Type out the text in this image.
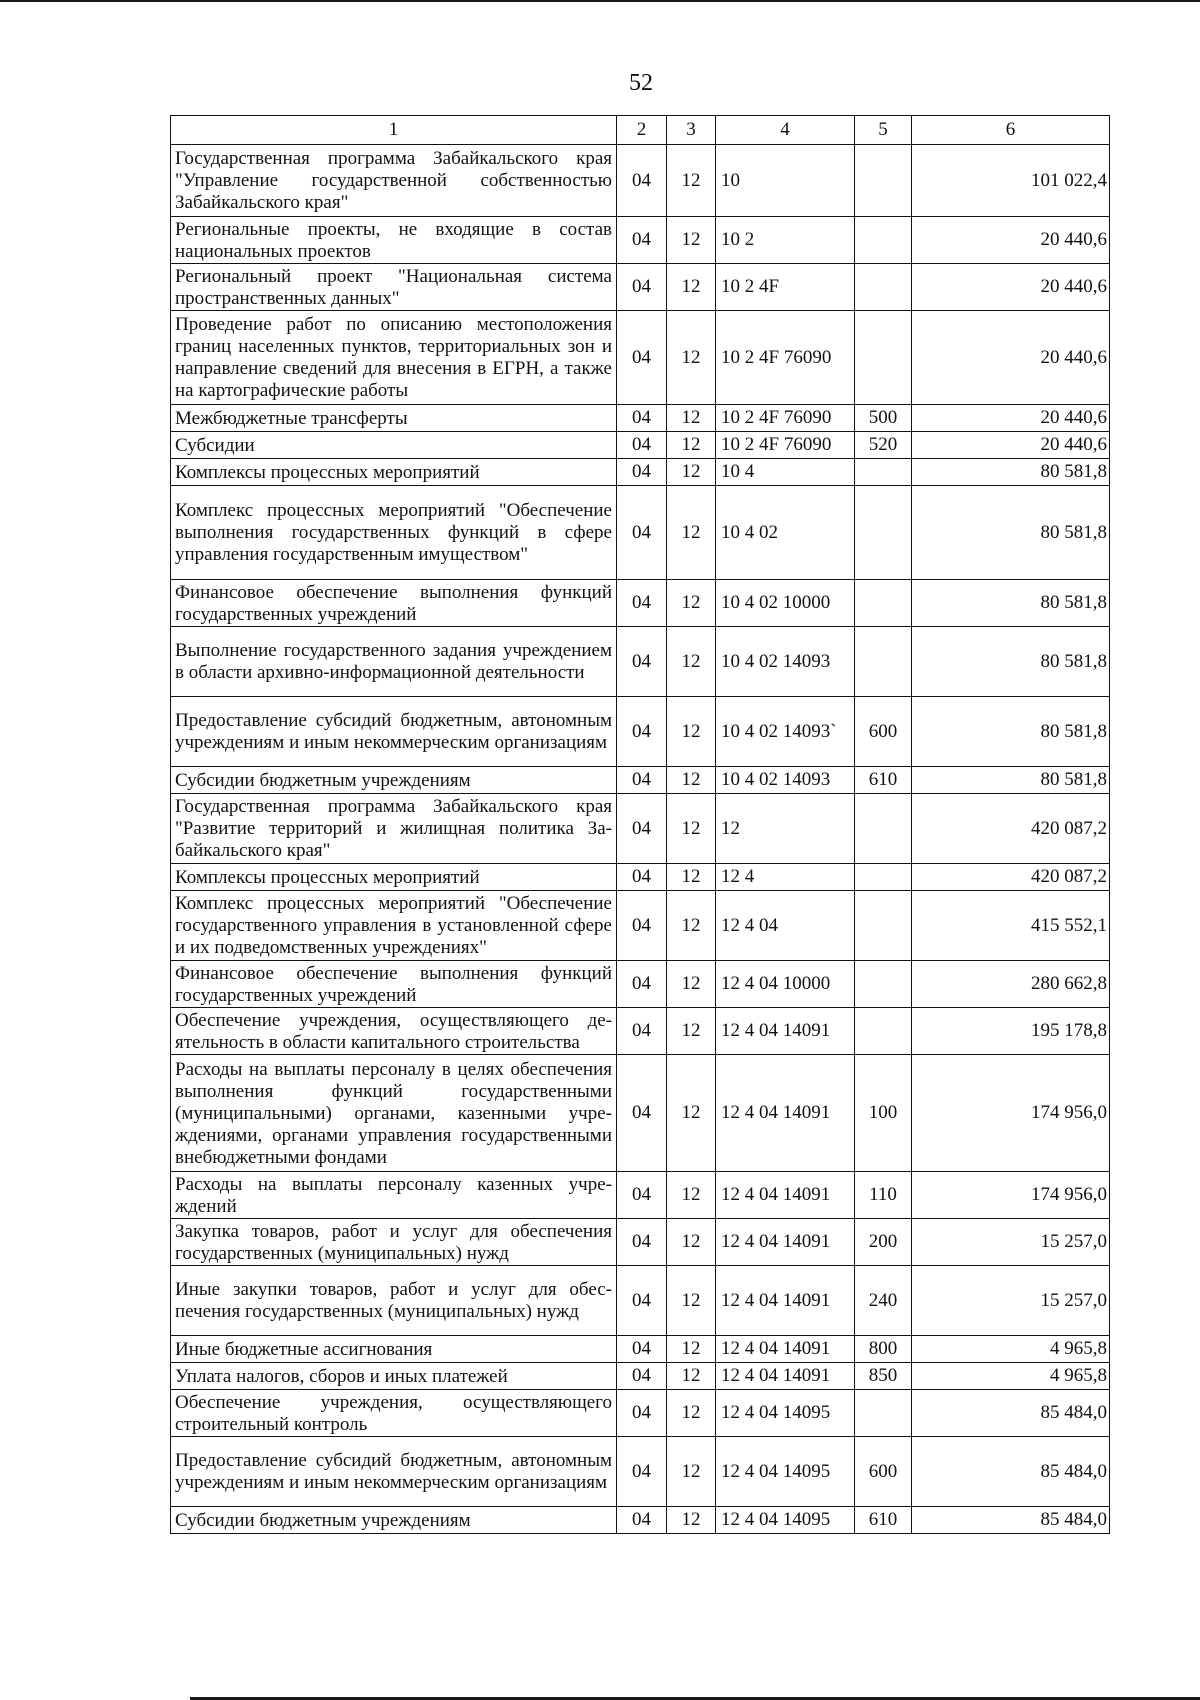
52
1	2	3	4	5	6
Государственная программа Забайкальского края "Управление государственной собственностью Забайкальского края"	04	12	10		101 022,4
Региональные проекты, не входящие в состав национальных проектов	04	12	10 2		20 440,6
Региональный проект "Национальная система пространственных данных"	04	12	10 2 4F		20 440,6
Проведение работ по описанию местоположения границ населенных пунктов, территориальных зон и направление сведений для внесения в ЕГРН, а также на картографические работы	04	12	10 2 4F 76090		20 440,6
Межбюджетные трансферты	04	12	10 2 4F 76090	500	20 440,6
Субсидии	04	12	10 2 4F 76090	520	20 440,6
Комплексы процессных мероприятий	04	12	10 4		80 581,8
Комплекс процессных мероприятий "Обеспечение выполнения государственных функций в сфере управления государственным имуществом"	04	12	10 4 02		80 581,8
Финансовое обеспечение выполнения функций государственных учреждений	04	12	10 4 02 10000		80 581,8
Выполнение государственного задания учреждением в области архивно-информационной деятельности	04	12	10 4 02 14093		80 581,8
Предоставление субсидий бюджетным, автономным учреждениям и иным некоммерческим организациям	04	12	10 4 02 14093`	600	80 581,8
Субсидии бюджетным учреждениям	04	12	10 4 02 14093	610	80 581,8
Государственная программа Забайкальского края "Развитие территорий и жилищная политика Забайкальского края"	04	12	12		420 087,2
Комплексы процессных мероприятий	04	12	12 4		420 087,2
Комплекс процессных мероприятий "Обеспечение государственного управления в установленной сфере и их подведомственных учреждениях"	04	12	12 4 04		415 552,1
Финансовое обеспечение выполнения функций государственных учреждений	04	12	12 4 04 10000		280 662,8
Обеспечение учреждения, осуществляющего деятельность в области капитального строительства	04	12	12 4 04 14091		195 178,8
Расходы на выплаты персоналу в целях обеспечения выполнения функций государственными (муниципальными) органами, казенными учреждениями, органами управления государственными внебюджетными фондами	04	12	12 4 04 14091	100	174 956,0
Расходы на выплаты персоналу казенных учреждений	04	12	12 4 04 14091	110	174 956,0
Закупка товаров, работ и услуг для обеспечения государственных (муниципальных) нужд	04	12	12 4 04 14091	200	15 257,0
Иные закупки товаров, работ и услуг для обеспечения государственных (муниципальных) нужд	04	12	12 4 04 14091	240	15 257,0
Иные бюджетные ассигнования	04	12	12 4 04 14091	800	4 965,8
Уплата налогов, сборов и иных платежей	04	12	12 4 04 14091	850	4 965,8
Обеспечение учреждения, осуществляющего строительный контроль	04	12	12 4 04 14095		85 484,0
Предоставление субсидий бюджетным, автономным учреждениям и иным некоммерческим организациям	04	12	12 4 04 14095	600	85 484,0
Субсидии бюджетным учреждениям	04	12	12 4 04 14095	610	85 484,0
